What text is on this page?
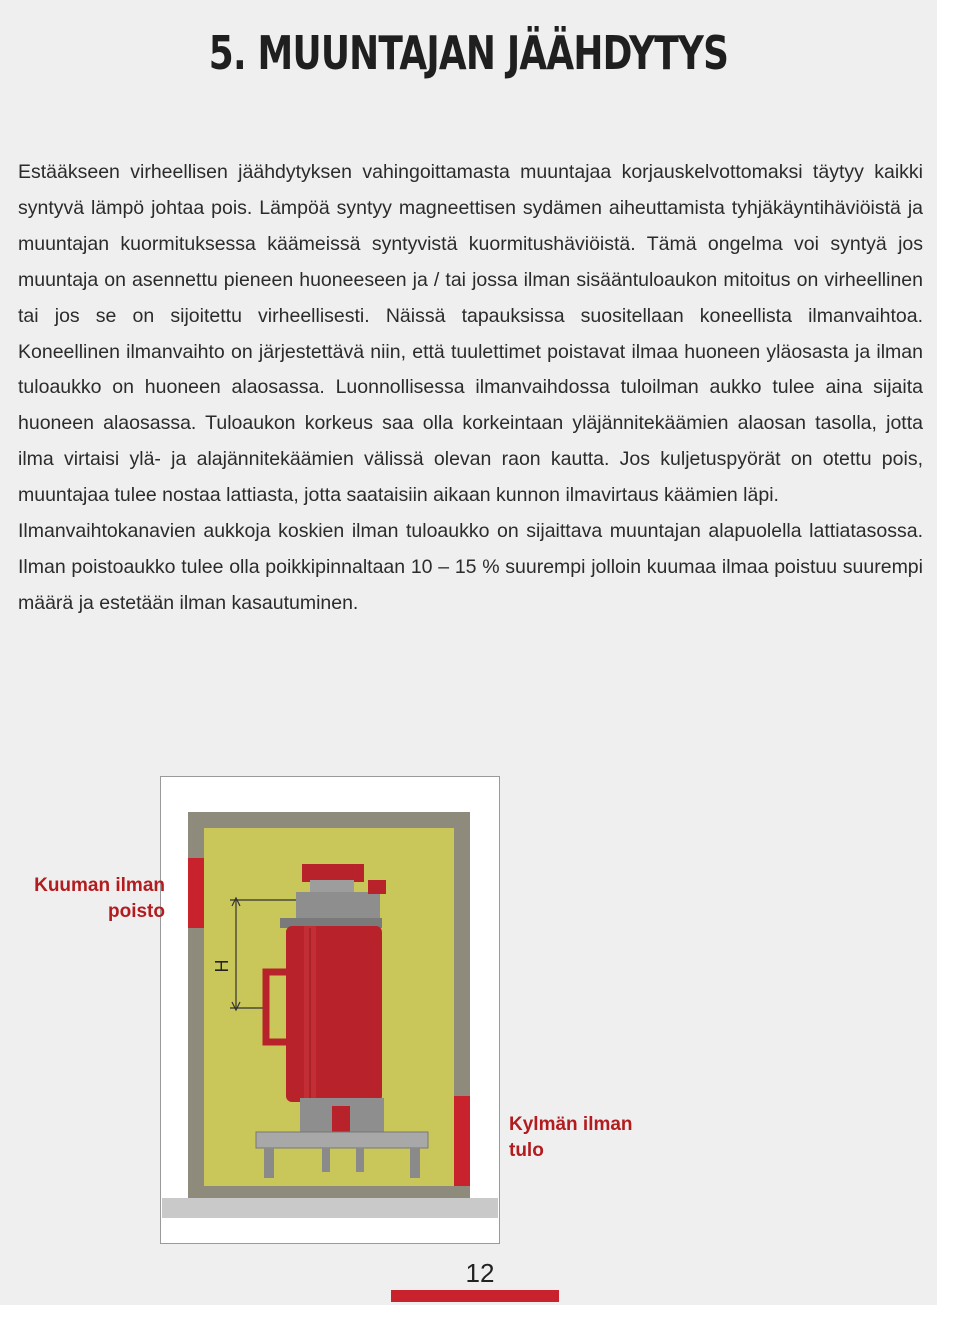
5. MUUNTAJAN JÄÄHDYTYS

Estääkseen virheellisen jäähdytyksen vahingoittamasta muuntajaa korjauskelvottomaksi täytyy kaikki syntyvä lämpö johtaa pois. Lämpöä syntyy magneettisen sydämen aiheuttamista tyhjäkäyntihäviöistä ja muuntajan kuormituksessa käämeissä syntyvistä kuormitushäviöistä. Tämä ongelma voi syntyä jos muuntaja on asennettu pieneen huoneeseen ja / tai jossa ilman sisääntuloaukon mitoitus on virheellinen tai jos se on sijoitettu virheellisesti. Näissä tapauksissa suositellaan koneellista ilmanvaihtoa. Koneellinen ilmanvaihto on järjestettävä niin, että tuulettimet poistavat ilmaa huoneen yläosasta ja ilman tuloaukko on huoneen alaosassa. Luonnollisessa ilmanvaihdossa tuloilman aukko tulee aina sijaita huoneen alaosassa. Tuloaukon korkeus saa olla korkeintaan yläjännitekäämien alaosan tasolla, jotta ilma virtaisi ylä- ja alajännitekäämien välissä olevan raon kautta. Jos kuljetuspyörät on otettu pois, muuntajaa tulee nostaa lattiasta, jotta saataisiin aikaan kunnon ilmavirtaus käämien läpi.

Ilmanvaihtokanavien aukkoja koskien ilman tuloaukko on sijaittava muuntajan alapuolella lattiatasossa. Ilman poistoaukko tulee olla poikkipinnaltaan 10 – 15 % suurempi jolloin kuumaa ilmaa poistuu suurempi määrä ja estetään ilman kasautuminen.

H
Kuuman ilman
poisto
Kylmän ilman
tulo
12
